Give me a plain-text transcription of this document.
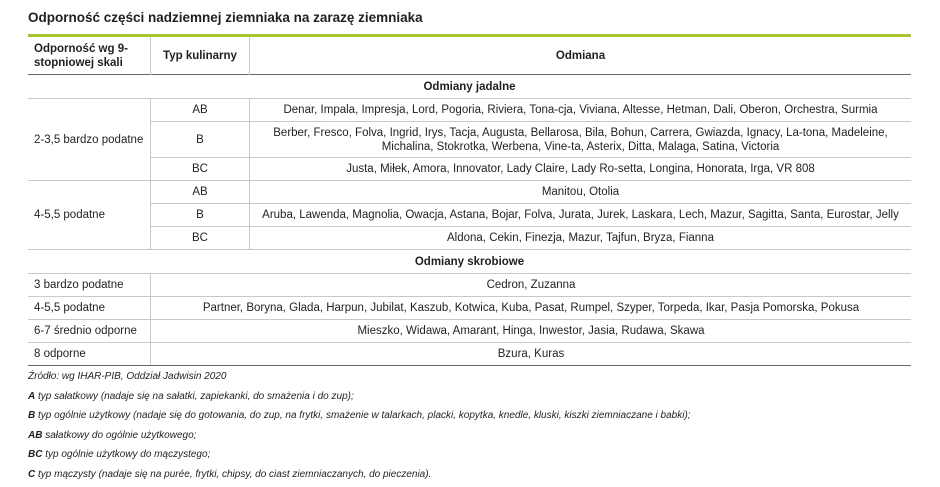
Odporność części nadziemnej ziemniaka na zarazę ziemniaka
Odporność wg 9-stopniowej skali	Typ kulinarny	Odmiana
Odmiany jadalne		
2-3,5 bardzo podatne	AB	Denar, Impala, Impresja, Lord, Pogoria, Riviera, Tona-cja, Viviana, Altesse, Hetman, Dali, Oberon, Orchestra, Surmia
	B	Berber, Fresco, Folva, Ingrid, Irys, Tacja, Augusta, Bellarosa, Bila, Bohun, Carrera, Gwiazda, Ignacy, La-tona, Madeleine, Michalina, Stokrotka, Werbena, Vine-ta, Asterix, Ditta, Malaga, Satina, Victoria
	BC	Justa, Miłek, Amora, Innovator, Lady Claire, Lady Ro-setta, Longina, Honorata, Irga, VR 808
4-5,5 podatne	AB	Manitou, Otolia
	B	Aruba, Lawenda, Magnolia, Owacja, Astana, Bojar, Folva, Jurata, Jurek, Laskara, Lech, Mazur, Sagitta, Santa, Eurostar, Jelly
	BC	Aldona, Cekin, Finezja, Mazur, Tajfun, Bryza, Fianna
Odmiany skrobiowe		
3 bardzo podatne	Cedron, Zuzanna	
4-5,5 podatne	Partner, Boryna, Glada, Harpun, Jubilat, Kaszub, Kotwica, Kuba, Pasat, Rumpel, Szyper, Torpeda, Ikar, Pasja Pomorska, Pokusa	
6-7 średnio odporne	Mieszko, Widawa, Amarant, Hinga, Inwestor, Jasia, Rudawa, Skawa	
8 odporne	Bzura, Kuras	
Źródło: wg IHAR-PIB, Oddział Jadwisin 2020
A typ sałatkowy (nadaje się na sałatki, zapiekanki, do smażenia i do zup);
B typ ogólnie użytkowy (nadaje się do gotowania, do zup, na frytki, smażenie w talarkach, placki, kopytka, knedle, kluski, kiszki ziemniaczane i babki);
AB sałatkowy do ogólnie użytkowego;
BC typ ogólnie użytkowy do mączystego;
C typ mączysty (nadaje się na purée, frytki, chipsy, do ciast ziemniaczanych, do pieczenia).
